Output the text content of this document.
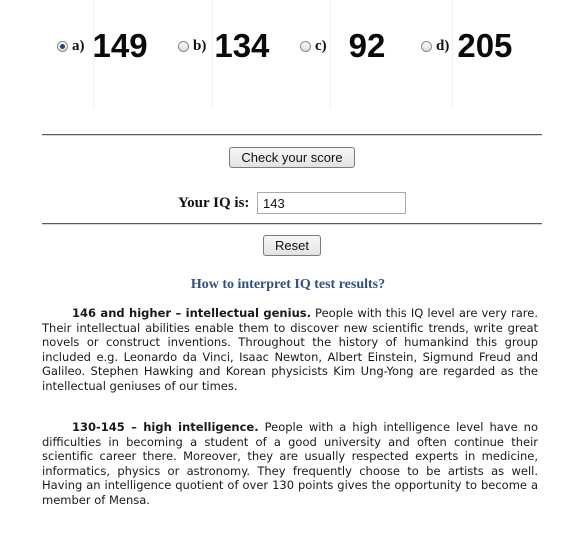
a) 149	b) 134	c) 92	d) 205
Check your score
Your IQ is:
143
Reset
How to interpret IQ test results?

146 and higher – intellectual genius. People with this IQ level are very rare. Their intellectual abilities enable them to discover new scientific trends, write great novels or construct inventions. Throughout the history of humankind this group included e.g. Leonardo da Vinci, Isaac Newton, Albert Einstein, Sigmund Freud and Galileo. Stephen Hawking and Korean physicists Kim Ung-Yong are regarded as the intellectual geniuses of our times.

130-145 – high intelligence. People with a high intelligence level have no difficulties in becoming a student of a good university and often continue their scientific career there. Moreover, they are usually respected experts in medicine, informatics, physics or astronomy. They frequently choose to be artists as well. Having an intelligence quotient of over 130 points gives the opportunity to become a member of Mensa.
